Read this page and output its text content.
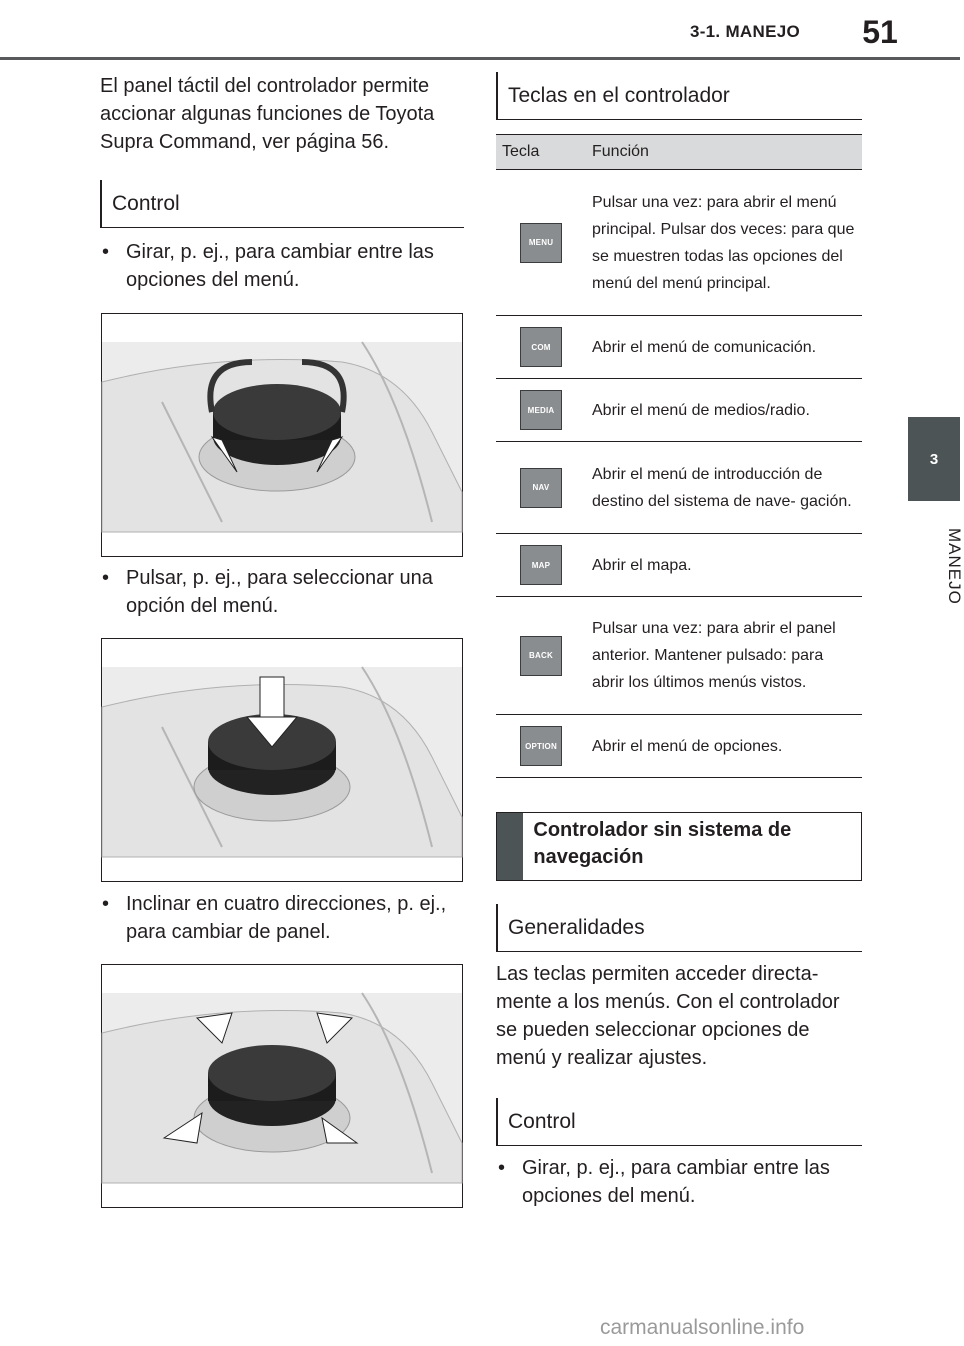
3-1. MANEJO	51
3
MANEJO

El panel táctil del controlador permite accionar algunas funciones de Toyota Supra Command, ver página 56.

Control
• Girar, p. ej., para cambiar entre las opciones del menú.
• Pulsar, p. ej., para seleccionar una opción del menú.
• Inclinar en cuatro direcciones, p. ej., para cambiar de panel.
Teclas en el controlador
Tecla	Función
MENU	Pulsar una vez: para abrir el menú principal. Pulsar dos veces: para que se muestren todas las opciones del menú del menú principal.
COM	Abrir el menú de comunicación.
MEDIA	Abrir el menú de medios/radio.
NAV	Abrir el menú de introducción de destino del sistema de nave- gación.
MAP	Abrir el mapa.
BACK	Pulsar una vez: para abrir el panel anterior. Mantener pulsado: para abrir los últimos menús vistos.
OPTION	Abrir el menú de opciones.
Controlador sin sistema de navegación
Generalidades

Las teclas permiten acceder directa- mente a los menús. Con el controlador se pueden seleccionar opciones de menú y realizar ajustes.

Control
• Girar, p. ej., para cambiar entre las opciones del menú.
carmanualsonline.info
